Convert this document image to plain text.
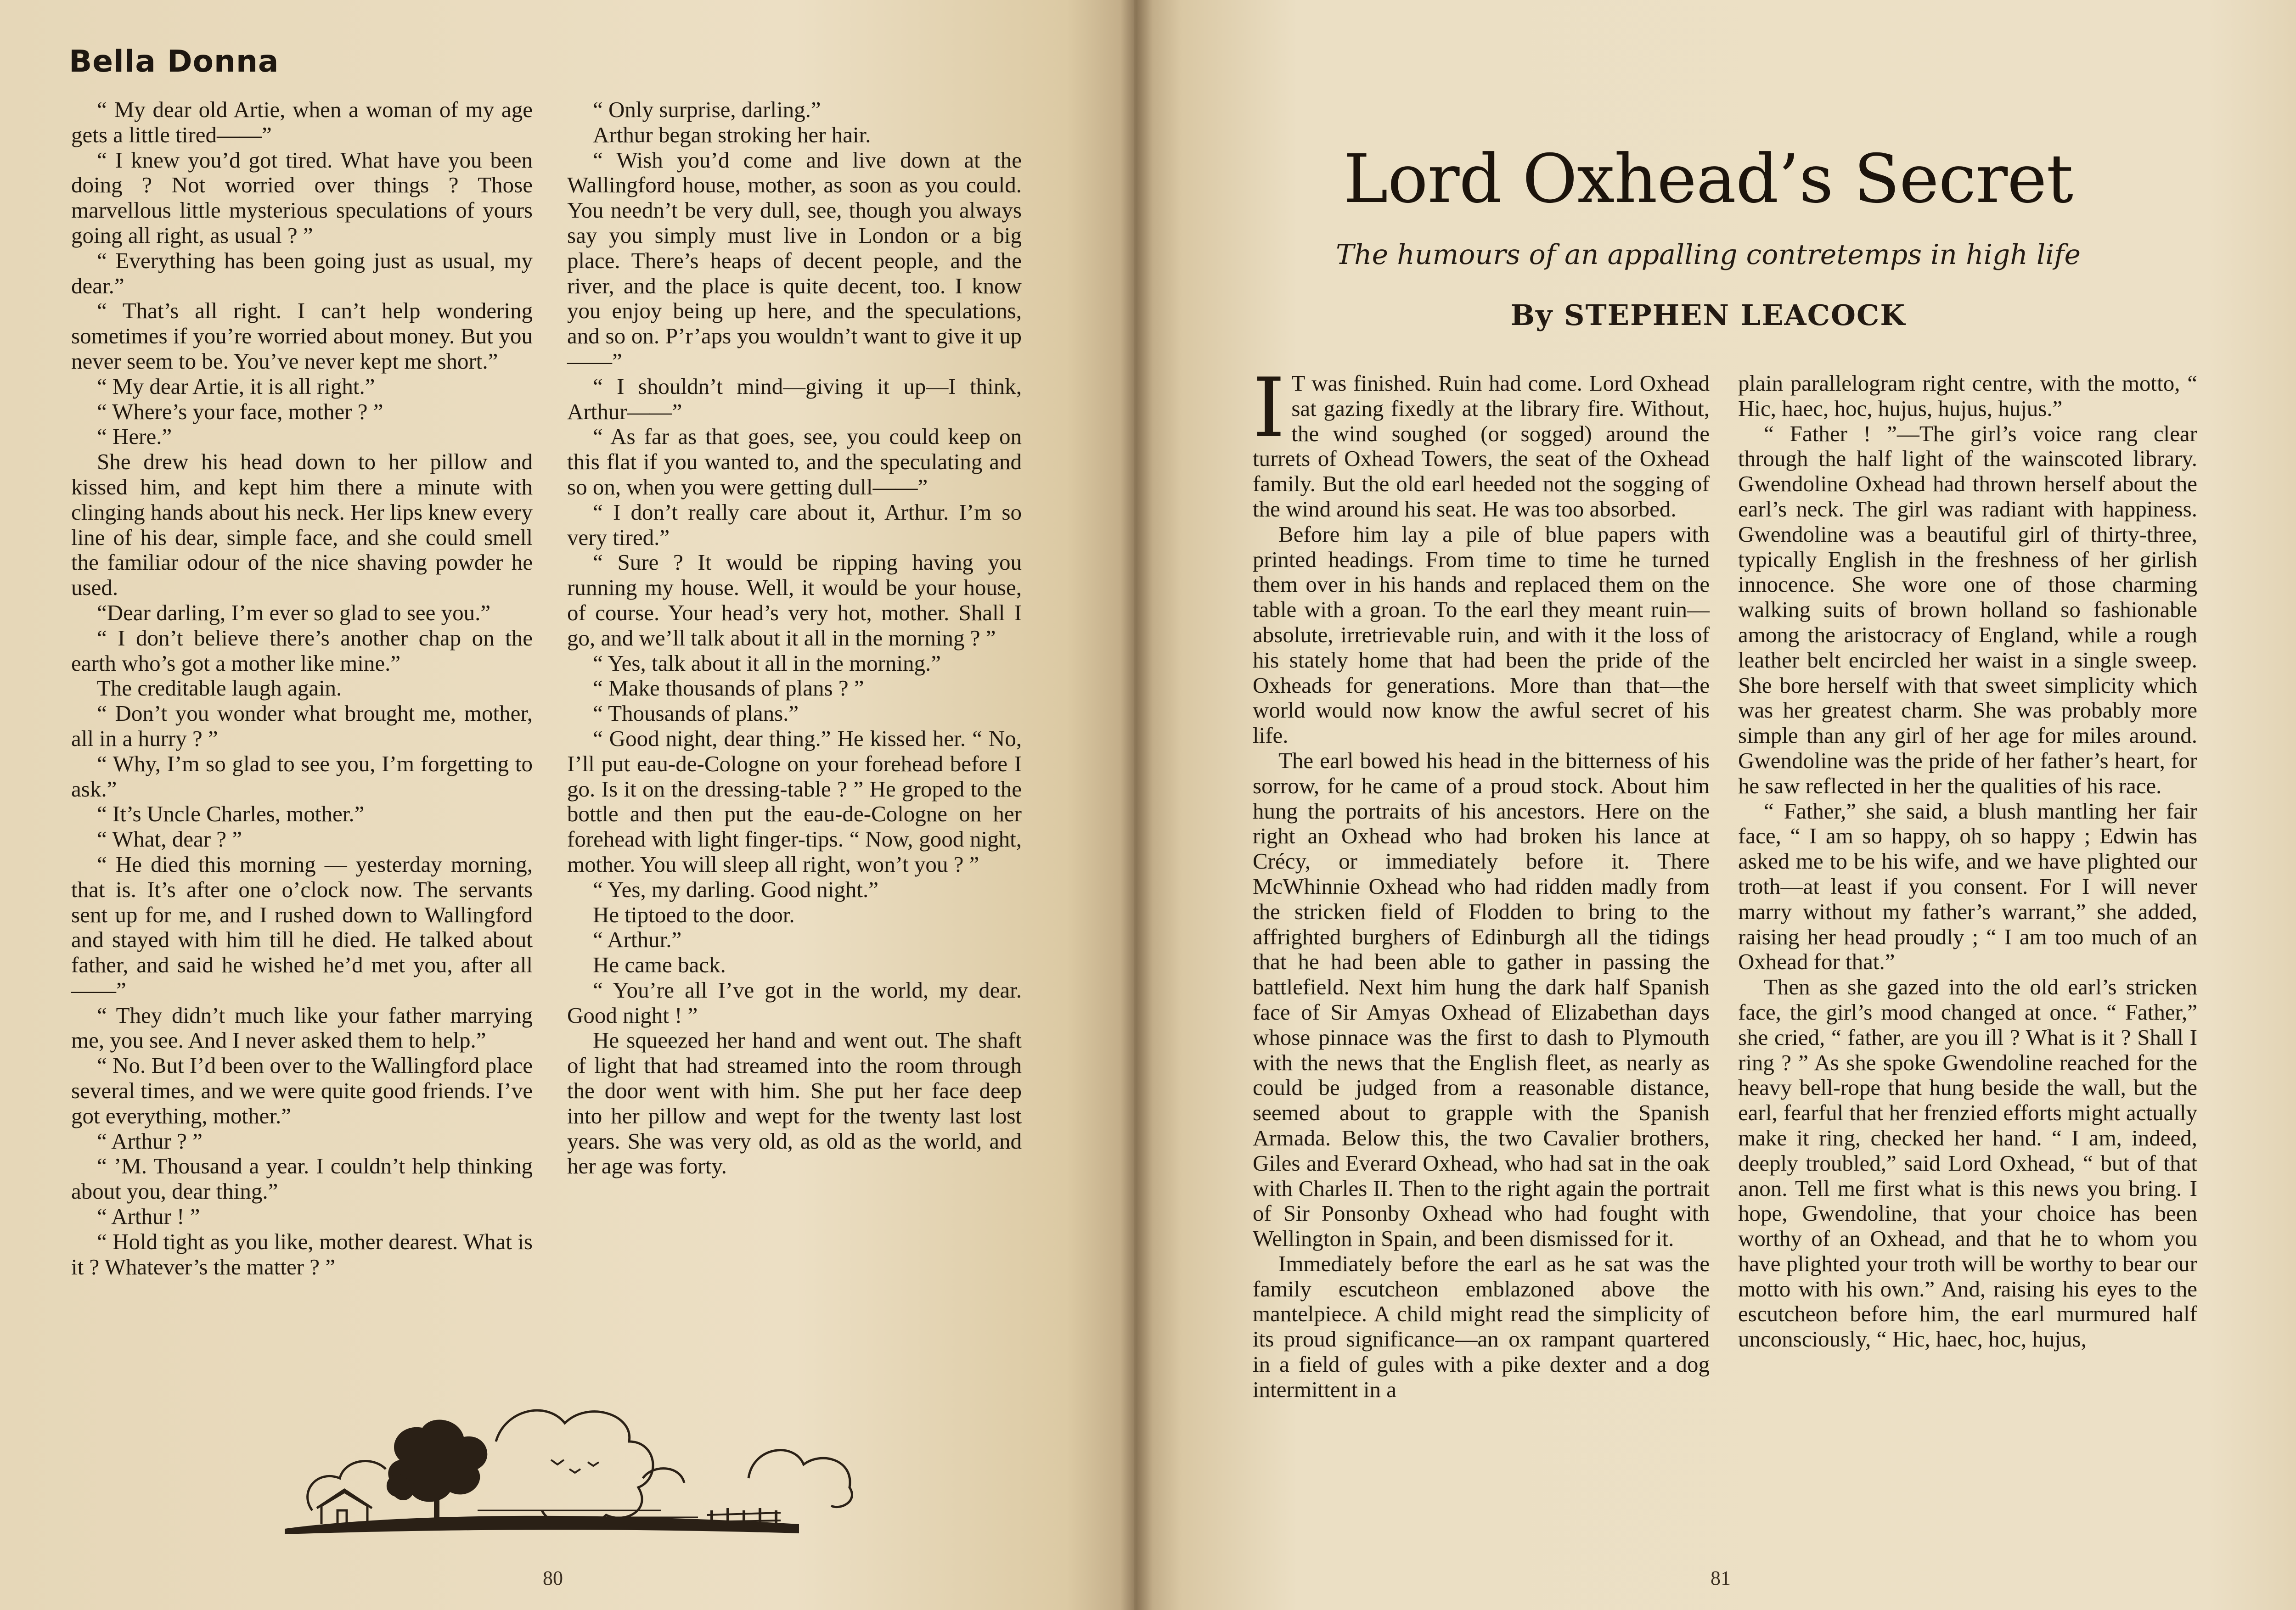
Bella Donna

“ My dear old Artie, when a woman of my age gets a little tired——”

“ I knew you’d got tired. What have you been doing ? Not worried over things ? Those marvellous little mysterious speculations of yours going all right, as usual ? ”

“ Everything has been going just as usual, my dear.”

“ That’s all right. I can’t help wondering sometimes if you’re worried about money. But you never seem to be. You’ve never kept me short.”

“ My dear Artie, it is all right.”

“ Where’s your face, mother ? ”

“ Here.”

She drew his head down to her pillow and kissed him, and kept him there a minute with clinging hands about his neck. Her lips knew every line of his dear, simple face, and she could smell the familiar odour of the nice shaving powder he used.

“Dear darling, I’m ever so glad to see you.”

“ I don’t believe there’s another chap on the earth who’s got a mother like mine.”

The creditable laugh again.

“ Don’t you wonder what brought me, mother, all in a hurry ? ”

“ Why, I’m so glad to see you, I’m forgetting to ask.”

“ It’s Uncle Charles, mother.”

“ What, dear ? ”

“ He died this morning — yesterday morning, that is. It’s after one o’clock now. The servants sent up for me, and I rushed down to Wallingford and stayed with him till he died. He talked about father, and said he wished he’d met you, after all——”

“ They didn’t much like your father marrying me, you see. And I never asked them to help.”

“ No. But I’d been over to the Wallingford place several times, and we were quite good friends. I’ve got everything, mother.”

“ Arthur ? ”

“ ’M. Thousand a year. I couldn’t help thinking about you, dear thing.”

“ Arthur ! ”

“ Hold tight as you like, mother dearest. What is it ? Whatever’s the matter ? ”

“ Only surprise, darling.”

Arthur began stroking her hair.

“ Wish you’d come and live down at the Wallingford house, mother, as soon as you could. You needn’t be very dull, see, though you always say you simply must live in London or a big place. There’s heaps of decent people, and the river, and the place is quite decent, too. I know you enjoy being up here, and the speculations, and so on. P’r’aps you wouldn’t want to give it up——”

“ I shouldn’t mind—giving it up—I think, Arthur——”

“ As far as that goes, see, you could keep on this flat if you wanted to, and the speculating and so on, when you were getting dull——”

“ I don’t really care about it, Arthur. I’m so very tired.”

“ Sure ? It would be ripping having you running my house. Well, it would be your house, of course. Your head’s very hot, mother. Shall I go, and we’ll talk about it all in the morning ? ”

“ Yes, talk about it all in the morning.”

“ Make thousands of plans ? ”

“ Thousands of plans.”

“ Good night, dear thing.” He kissed her. “ No, I’ll put eau-de-Cologne on your forehead before I go. Is it on the dressing-table ? ” He groped to the bottle and then put the eau-de-Cologne on her forehead with light finger-tips. “ Now, good night, mother. You will sleep all right, won’t you ? ”

“ Yes, my darling. Good night.”

He tiptoed to the door.

“ Arthur.”

He came back.

“ You’re all I’ve got in the world, my dear. Good night ! ”

He squeezed her hand and went out. The shaft of light that had streamed into the room through the door went with him. She put her face deep into her pillow and wept for the twenty last lost years. She was very old, as old as the world, and her age was forty.

80
Lord Oxhead’s Secret
The humours of an appalling contretemps in high life
By STEPHEN LEACOCK

IT was finished. Ruin had come. Lord Oxhead sat gazing fixedly at the library fire. Without, the wind soughed (or sogged) around the turrets of Oxhead Towers, the seat of the Oxhead family. But the old earl heeded not the sogging of the wind around his seat. He was too absorbed.

Before him lay a pile of blue papers with printed headings. From time to time he turned them over in his hands and replaced them on the table with a groan. To the earl they meant ruin—absolute, irretrievable ruin, and with it the loss of his stately home that had been the pride of the Oxheads for generations. More than that—the world would now know the awful secret of his life.

The earl bowed his head in the bitterness of his sorrow, for he came of a proud stock. About him hung the portraits of his ancestors. Here on the right an Oxhead who had broken his lance at Crécy, or immediately before it. There McWhinnie Oxhead who had ridden madly from the stricken field of Flodden to bring to the affrighted burghers of Edinburgh all the tidings that he had been able to gather in passing the battlefield. Next him hung the dark half Spanish face of Sir Amyas Oxhead of Elizabethan days whose pinnace was the first to dash to Plymouth with the news that the English fleet, as nearly as could be judged from a reasonable distance, seemed about to grapple with the Spanish Armada. Below this, the two Cavalier brothers, Giles and Everard Oxhead, who had sat in the oak with Charles II. Then to the right again the portrait of Sir Ponsonby Oxhead who had fought with Wellington in Spain, and been dismissed for it.

Immediately before the earl as he sat was the family escutcheon emblazoned above the mantelpiece. A child might read the simplicity of its proud significance—an ox rampant quartered in a field of gules with a pike dexter and a dog intermittent in a

plain parallelogram right centre, with the motto, “ Hic, haec, hoc, hujus, hujus, hujus.”

“ Father ! ”—The girl’s voice rang clear through the half light of the wainscoted library. Gwendoline Oxhead had thrown herself about the earl’s neck. The girl was radiant with happiness. Gwendoline was a beautiful girl of thirty-three, typically English in the freshness of her girlish innocence. She wore one of those charming walking suits of brown holland so fashionable among the aristocracy of England, while a rough leather belt encircled her waist in a single sweep. She bore herself with that sweet simplicity which was her greatest charm. She was probably more simple than any girl of her age for miles around. Gwendoline was the pride of her father’s heart, for he saw reflected in her the qualities of his race.

“ Father,” she said, a blush mantling her fair face, “ I am so happy, oh so happy ; Edwin has asked me to be his wife, and we have plighted our troth—at least if you consent. For I will never marry without my father’s warrant,” she added, raising her head proudly ; “ I am too much of an Oxhead for that.”

Then as she gazed into the old earl’s stricken face, the girl’s mood changed at once. “ Father,” she cried, “ father, are you ill ? What is it ? Shall I ring ? ” As she spoke Gwendoline reached for the heavy bell-rope that hung beside the wall, but the earl, fearful that her frenzied efforts might actually make it ring, checked her hand. “ I am, indeed, deeply troubled,” said Lord Oxhead, “ but of that anon. Tell me first what is this news you bring. I hope, Gwendoline, that your choice has been worthy of an Oxhead, and that he to whom you have plighted your troth will be worthy to bear our motto with his own.” And, raising his eyes to the escutcheon before him, the earl murmured half unconsciously, “ Hic, haec, hoc, hujus,

81
